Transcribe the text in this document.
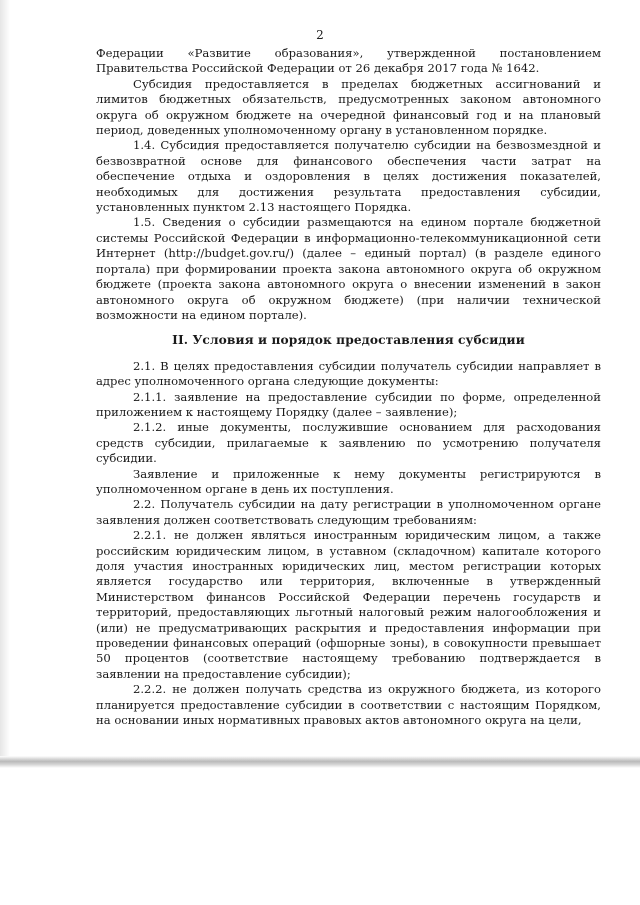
2

Федерации «Развитие образования», утвержденной постановлением Правительства Российской Федерации от 26 декабря 2017 года № 1642.

Субсидия предоставляется в пределах бюджетных ассигнований и лимитов бюджетных обязательств, предусмотренных законом автономного округа об окружном бюджете на очередной финансовый год и на плановый период, доведенных уполномоченному органу в установленном порядке.

1.4. Субсидия предоставляется получателю субсидии на безвозмездной и безвозвратной основе для финансового обеспечения части затрат на обеспечение отдыха и оздоровления в целях достижения показателей, необходимых для достижения результата предоставления субсидии, установленных пунктом 2.13 настоящего Порядка.

1.5. Сведения о субсидии размещаются на едином портале бюджетной системы Российской Федерации в информационно-телекоммуникационной сети Интернет (http://budget.gov.ru/) (далее – единый портал) (в разделе единого портала) при формировании проекта закона автономного округа об окружном бюджете (проекта закона автономного округа о внесении изменений в закон автономного округа об окружном бюджете) (при наличии технической возможности на едином портале).

II. Условия и порядок предоставления субсидии

2.1. В целях предоставления субсидии получатель субсидии направляет в адрес уполномоченного органа следующие документы:

2.1.1. заявление на предоставление субсидии по форме, определенной приложением к настоящему Порядку (далее – заявление);

2.1.2. иные документы, послужившие основанием для расходования средств субсидии, прилагаемые к заявлению по усмотрению получателя субсидии.

Заявление и приложенные к нему документы регистрируются в уполномоченном органе в день их поступления.

2.2. Получатель субсидии на дату регистрации в уполномоченном органе заявления должен соответствовать следующим требованиям:

2.2.1. не должен являться иностранным юридическим лицом, а также российским юридическим лицом, в уставном (складочном) капитале которого доля участия иностранных юридических лиц, местом регистрации которых является государство или территория, включенные в утвержденный Министерством финансов Российской Федерации перечень государств и территорий, предоставляющих льготный налоговый режим налогообложения и (или) не предусматривающих раскрытия и предоставления информации при проведении финансовых операций (офшорные зоны), в совокупности превышает 50 процентов (соответствие настоящему требованию подтверждается в заявлении на предоставление субсидии);

2.2.2. не должен получать средства из окружного бюджета, из которого планируется предоставление субсидии в соответствии с настоящим Порядком, на основании иных нормативных правовых актов автономного округа на цели,
